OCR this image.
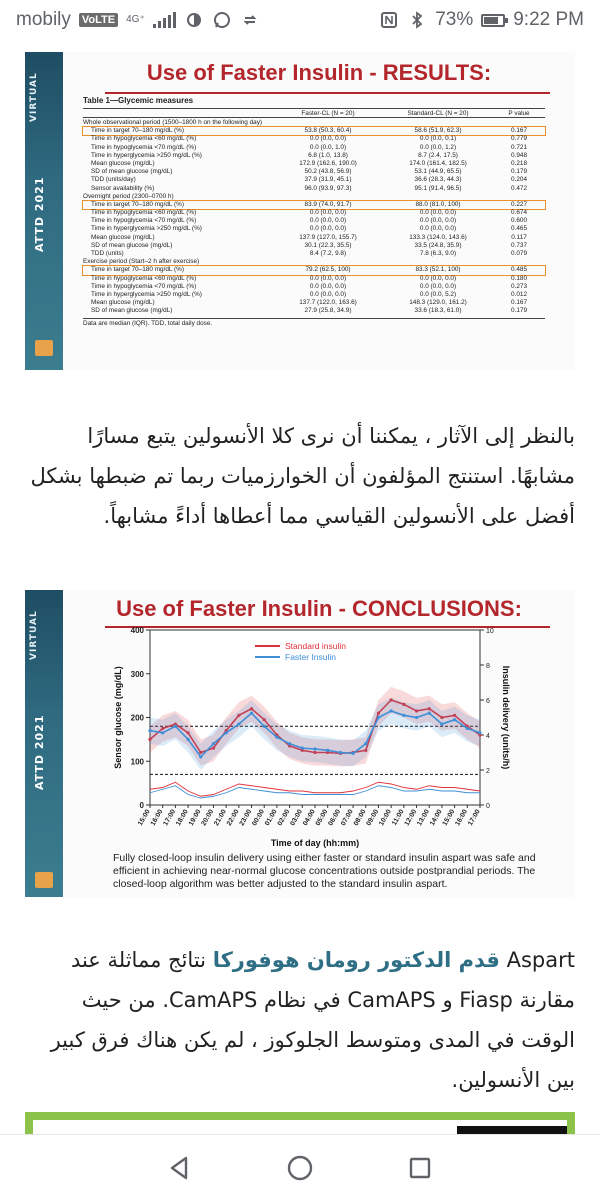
mobily VoLTE	4G⁺	73% 9:22 PM
VIRTUAL
ATTD 2021
Use of Faster Insulin - RESULTS:
Table 1—Glycemic measures
Faster-CL (N = 20)	Standard-CL (N = 20)	P value
Whole observational period (1500–1800 h on the following day)
Time in target 70–180 mg/dL (%)	53.8 (50.3, 60.4)	58.6 (51.9, 62.3)	0.167
Time in hypoglycemia <60 mg/dL (%)	0.0 (0.0, 0.0)	0.0 (0.0, 0.1)	0.779
Time in hypoglycemia <70 mg/dL (%)	0.0 (0.0, 1.0)	0.0 (0.0, 1.2)	0.721
Time in hyperglycemia >250 mg/dL (%)	6.8 (1.0, 13.8)	8.7 (2.4, 17.5)	0.948
Mean glucose (mg/dL)	172.9 (162.6, 190.0)	174.0 (161.4, 182.5)	0.218
SD of mean glucose (mg/dL)	50.2 (43.8, 56.9)	53.1 (44.9, 65.5)	0.179
TDD (units/day)	37.9 (31.9, 45.1)	36.6 (28.3, 44.3)	0.204
Sensor availability (%)	96.0 (93.9, 97.3)	95.1 (91.4, 96.5)	0.472
Overnight period (2300–0700 h)
Time in target 70–180 mg/dL (%)	83.9 (74.0, 91.7)	88.0 (81.0, 100)	0.227
Time in hypoglycemia <60 mg/dL (%)	0.0 (0.0, 0.0)	0.0 (0.0, 0.0)	0.674
Time in hypoglycemia <70 mg/dL (%)	0.0 (0.0, 0.0)	0.0 (0.0, 0.0)	0.600
Time in hyperglycemia >250 mg/dL (%)	0.0 (0.0, 0.0)	0.0 (0.0, 0.0)	0.465
Mean glucose (mg/dL)	137.9 (127.0, 155.7)	133.3 (124.0, 143.6)	0.117
SD of mean glucose (mg/dL)	30.1 (22.3, 35.5)	33.5 (24.8, 35.9)	0.737
TDD (units)	8.4 (7.2, 9.8)	7.8 (6.3, 9.0)	0.079
Exercise period (Start–2 h after exercise)
Time in target 70–180 mg/dL (%)	79.2 (62.5, 100)	83.3 (52.1, 100)	0.485
Time in hypoglycemia <60 mg/dL (%)	0.0 (0.0, 0.0)	0.0 (0.0, 0.0)	0.180
Time in hypoglycemia <70 mg/dL (%)	0.0 (0.0, 0.0)	0.0 (0.0, 0.0)	0.273
Time in hyperglycemia >250 mg/dL (%)	0.0 (0.0, 0.0)	0.0 (0.0, 5.2)	0.012
Mean glucose (mg/dL)	137.7 (122.0, 163.6)	148.3 (129.0, 161.2)	0.167
SD of mean glucose (mg/dL)	27.9 (25.8, 34.9)	33.6 (18.3, 61.0)	0.179
Data are median (IQR). TDD, total daily dose.
بالنظر إلى الآثار ، يمكننا أن نرى كلا الأنسولين يتبع مسارًا مشابهًا. استنتج المؤلفون أن الخوارزميات ربما تم ضبطها بشكل أفضل على الأنسولين القياسي مما أعطاها أداءً مشابهاً.
VIRTUAL
ATTD 2021
Use of Faster Insulin - CONCLUSIONS:
0
100
200
300
400
0
2
4
6
8
10
15:00
16:00
17:00
18:00
19:00
20:00
21:00
22:00
23:00
00:00
01:00
02:00
03:00
04:00
05:00
06:00
07:00
08:00
09:00
10:00
11:00
12:00
13:00
14:00
15:00
16:00
17:00
Time of day (hh:mm)
Sensor glucose (mg/dL)	Insulin delivery (units/h)
Standard insulin
Faster Insulin
Fully closed-loop insulin delivery using either faster or standard insulin aspart was safe and efficient in achieving near-normal glucose concentrations outside postprandial periods. The closed-loop algorithm was better adjusted to the standard insulin aspart.
Aspart قدم الدكتور رومان هوفوركا نتائج مماثلة عند مقارنة Fiasp و CamAPS في نظام CamAPS. من حيث الوقت في المدى ومتوسط الجلوكوز ، لم يكن هناك فرق كبير بين الأنسولين.
